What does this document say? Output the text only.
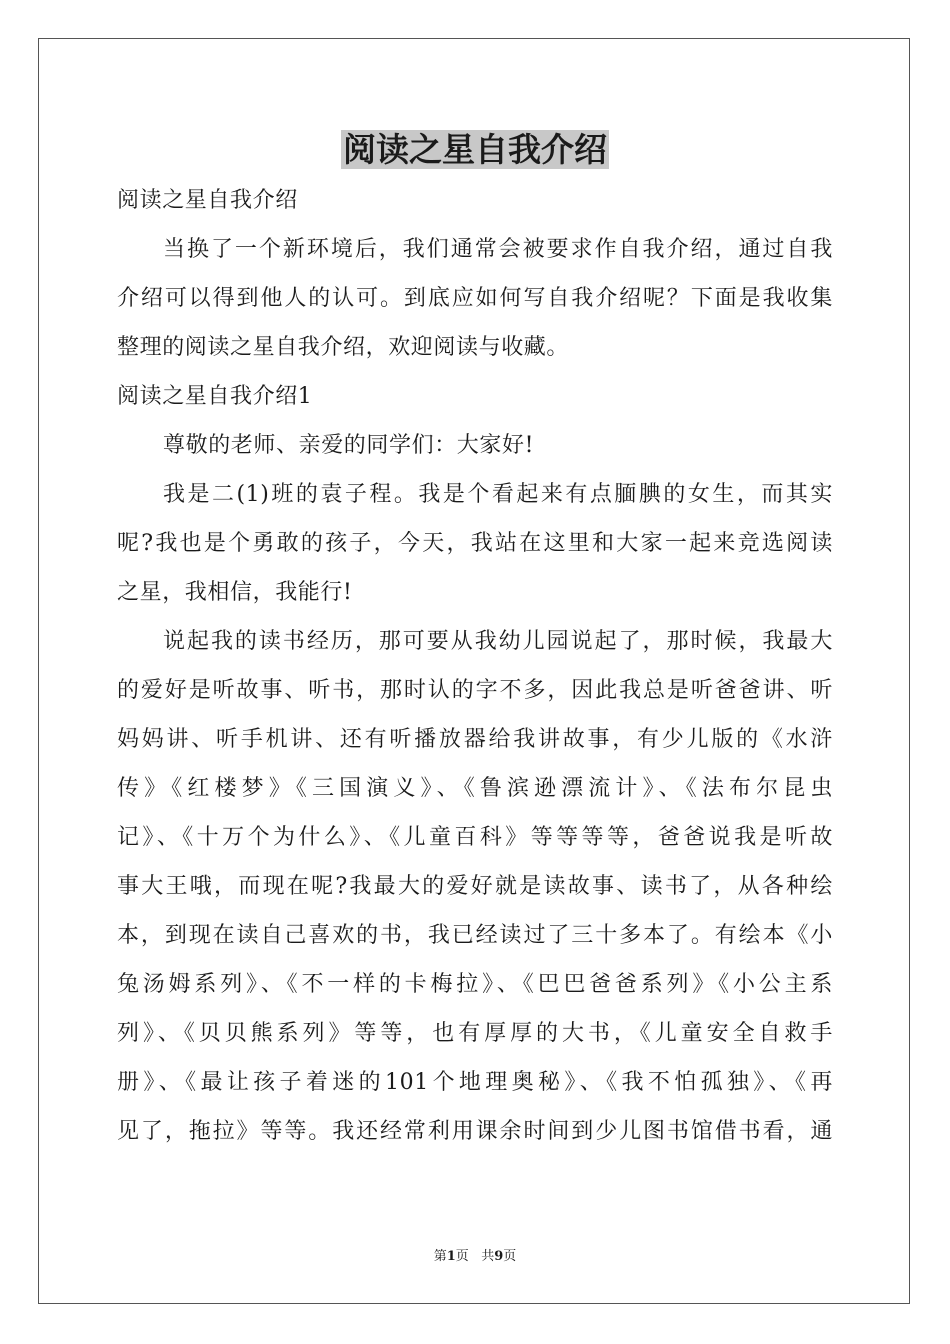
阅读之星自我介绍
阅读之星自我介绍
当换了一个新环境后，我们通常会被要求作自我介绍，通过自我
介绍可以得到他人的认可。到底应如何写自我介绍呢？下面是我收集
整理的阅读之星自我介绍，欢迎阅读与收藏。
阅读之星自我介绍1
尊敬的老师、亲爱的同学们：大家好!
我是二(1)班的袁子程。我是个看起来有点腼腆的女生，而其实
呢?我也是个勇敢的孩子，今天，我站在这里和大家一起来竞选阅读
之星，我相信，我能行!
说起我的读书经历，那可要从我幼儿园说起了，那时候，我最大
的爱好是听故事、听书，那时认的字不多，因此我总是听爸爸讲、听
妈妈讲、听手机讲、还有听播放器给我讲故事，有少儿版的《水浒
传》《红楼梦》《三国演义》、《鲁滨逊漂流计》、《法布尔昆虫
记》、《十万个为什么》、《儿童百科》等等等等，爸爸说我是听故
事大王哦，而现在呢?我最大的爱好就是读故事、读书了，从各种绘
本，到现在读自己喜欢的书，我已经读过了三十多本了。有绘本《小
兔汤姆系列》、《不一样的卡梅拉》、《巴巴爸爸系列》《小公主系
列》、《贝贝熊系列》等等，也有厚厚的大书，《儿童安全自救手
册》、《最让孩子着迷的101个地理奥秘》、《我不怕孤独》、《再
见了，拖拉》等等。我还经常利用课余时间到少儿图书馆借书看，通
第1页 共9页
